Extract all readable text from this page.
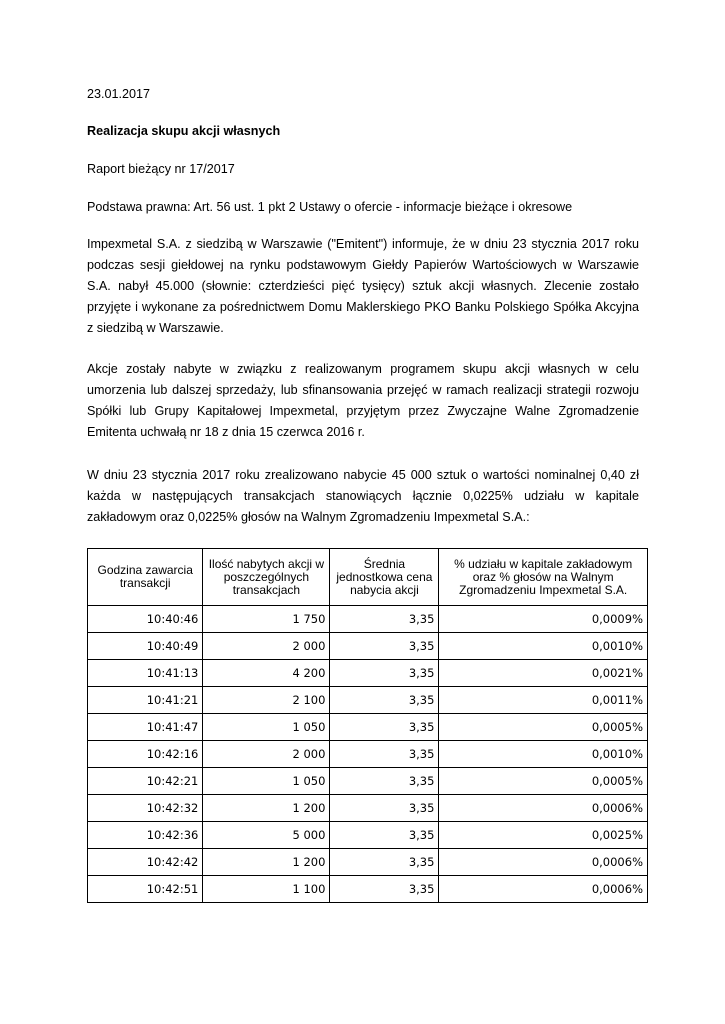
23.01.2017
Realizacja skupu akcji własnych
Raport bieżący nr 17/2017
Podstawa prawna: Art. 56 ust. 1 pkt 2 Ustawy o ofercie - informacje bieżące i okresowe

Impexmetal S.A. z siedzibą w Warszawie ("Emitent") informuje, że w dniu 23 stycznia 2017 roku podczas sesji giełdowej na rynku podstawowym Giełdy Papierów Wartościowych w Warszawie S.A. nabył 45.000 (słownie: czterdzieści pięć tysięcy) sztuk akcji własnych. Zlecenie zostało przyjęte i wykonane za pośrednictwem Domu Maklerskiego PKO Banku Polskiego Spółka Akcyjna z siedzibą w Warszawie.

Akcje zostały nabyte w związku z realizowanym programem skupu akcji własnych w celu umorzenia lub dalszej sprzedaży, lub sfinansowania przejęć w ramach realizacji strategii rozwoju Spółki lub Grupy Kapitałowej Impexmetal, przyjętym przez Zwyczajne Walne Zgromadzenie Emitenta uchwałą nr 18 z dnia 15 czerwca 2016 r.

W dniu 23 stycznia 2017 roku zrealizowano nabycie 45 000 sztuk o wartości nominalnej 0,40 zł każda w następujących transakcjach stanowiących łącznie 0,0225% udziału w kapitale zakładowym oraz 0,0225% głosów na Walnym Zgromadzeniu Impexmetal S.A.:

Godzina zawarcia transakcji	Ilość nabytych akcji w poszczególnych transakcjach	Średnia jednostkowa cena nabycia akcji	% udziału w kapitale zakładowym oraz % głosów na Walnym Zgromadzeniu Impexmetal S.A.
10:40:46	1 750	3,35	0,0009%
10:40:49	2 000	3,35	0,0010%
10:41:13	4 200	3,35	0,0021%
10:41:21	2 100	3,35	0,0011%
10:41:47	1 050	3,35	0,0005%
10:42:16	2 000	3,35	0,0010%
10:42:21	1 050	3,35	0,0005%
10:42:32	1 200	3,35	0,0006%
10:42:36	5 000	3,35	0,0025%
10:42:42	1 200	3,35	0,0006%
10:42:51	1 100	3,35	0,0006%
